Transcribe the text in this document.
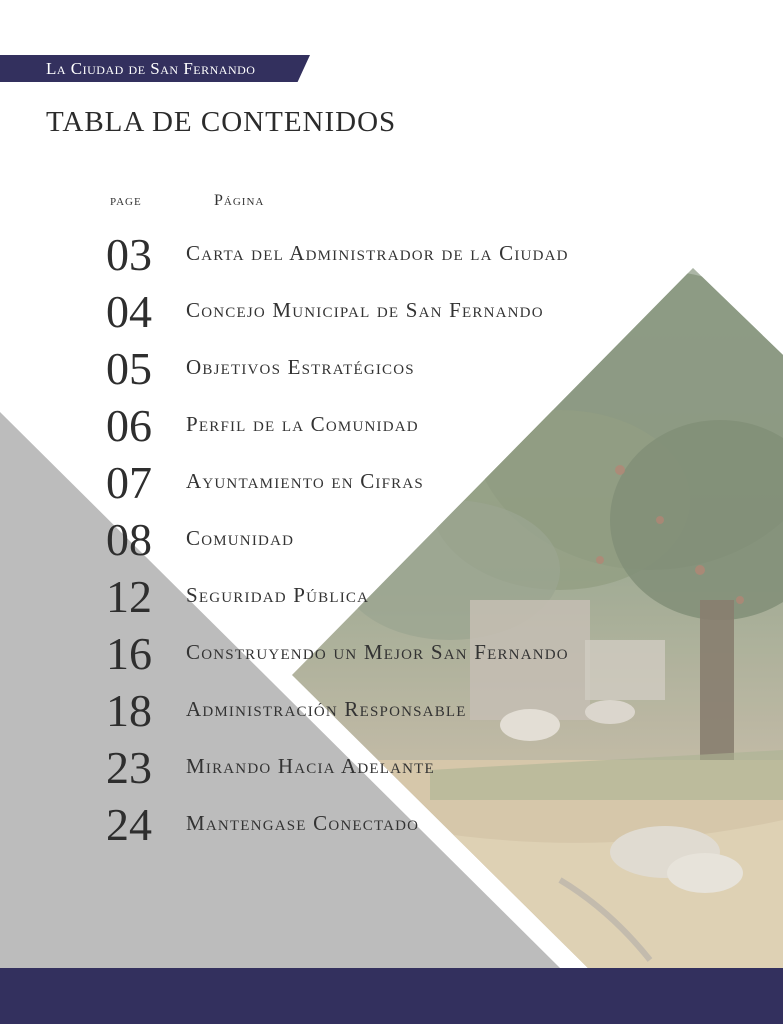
La Ciudad de San Fernando
TABLA DE CONTENIDOS
page	Página
03 Carta del Administrador de la Ciudad
04 Concejo Municipal de San Fernando
05 Objetivos Estratégicos
06 Perfil de la Comunidad
07 Ayuntamiento en Cifras
08 Comunidad
12 Seguridad Pública
16 Construyendo un Mejor San Fernando
18 Administración Responsable
23 Mirando Hacia Adelante
24 Mantengase Conectado
